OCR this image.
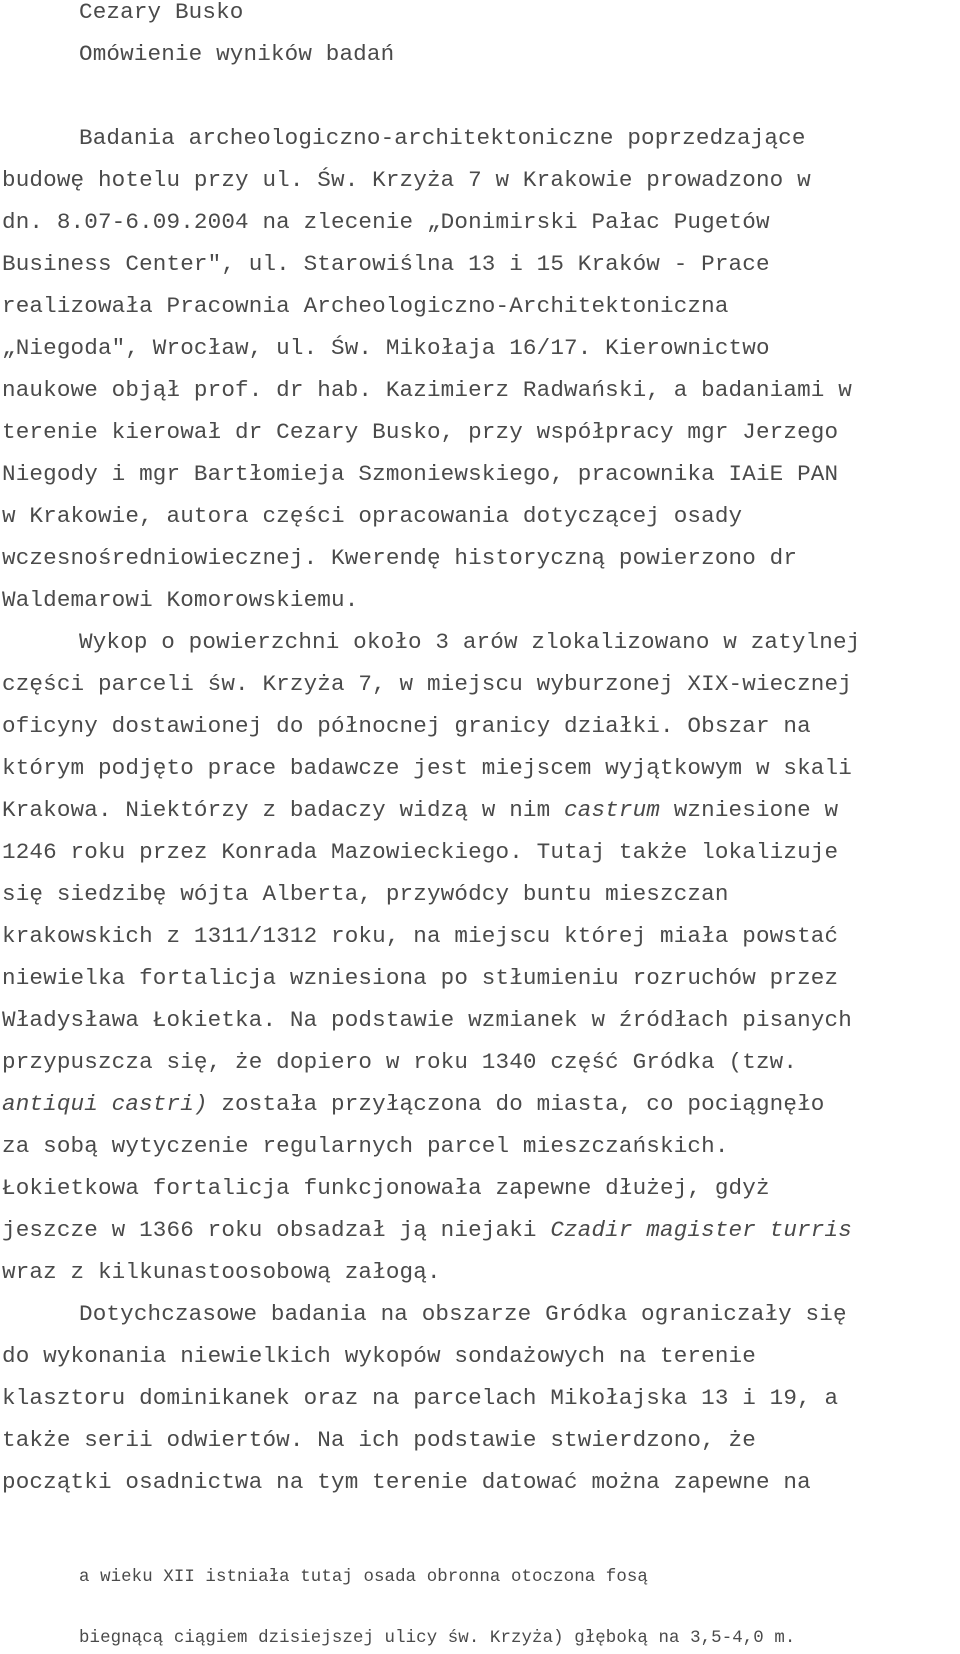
Cezary Busko
Omówienie wyników badań
Badania archeologiczno-architektoniczne poprzedzające
budowę hotelu przy ul. Św. Krzyża 7 w Krakowie prowadzono w
dn. 8.07-6.09.2004 na zlecenie „Donimirski Pałac Pugetów
Business Center", ul. Starowiślna 13 i 15 Kraków - Prace
realizowała Pracownia Archeologiczno-Architektoniczna
„Niegoda", Wrocław, ul. Św. Mikołaja 16/17. Kierownictwo
naukowe objął prof. dr hab. Kazimierz Radwański, a badaniami w
terenie kierował dr Cezary Busko, przy współpracy mgr Jerzego
Niegody i mgr Bartłomieja Szmoniewskiego, pracownika IAiE PAN
w Krakowie, autora części opracowania dotyczącej osady
wczesnośredniowiecznej. Kwerendę historyczną powierzono dr
Waldemarowi Komorowskiemu.
Wykop o powierzchni około 3 arów zlokalizowano w zatylnej
części parceli św. Krzyża 7, w miejscu wyburzonej XIX-wiecznej
oficyny dostawionej do północnej granicy działki. Obszar na
którym podjęto prace badawcze jest miejscem wyjątkowym w skali
Krakowa. Niektórzy z badaczy widzą w nim castrum wzniesione w
1246 roku przez Konrada Mazowieckiego. Tutaj także lokalizuje
się siedzibę wójta Alberta, przywódcy buntu mieszczan
krakowskich z 1311/1312 roku, na miejscu której miała powstać
niewielka fortalicja wzniesiona po stłumieniu rozruchów przez
Władysława Łokietka. Na podstawie wzmianek w źródłach pisanych
przypuszcza się, że dopiero w roku 1340 część Gródka (tzw.
antiqui castri) została przyłączona do miasta, co pociągnęło
za sobą wytyczenie regularnych parcel mieszczańskich.
Łokietkowa fortalicja funkcjonowała zapewne dłużej, gdyż
jeszcze w 1366 roku obsadzał ją niejaki Czadir magister turris
wraz z kilkunastoosobową załogą.
Dotychczasowe badania na obszarze Gródka ograniczały się
do wykonania niewielkich wykopów sondażowych na terenie
klasztoru dominikanek oraz na parcelach Mikołajska 13 i 19, a
także serii odwiertów. Na ich podstawie stwierdzono, że
początki osadnictwa na tym terenie datować można zapewne na
a wieku XII istniała tutaj osada obronna otoczona fosą
biegnącą ciągiem dzisiejszej ulicy św. Krzyża) głęboką na 3,5-4,0 m.
